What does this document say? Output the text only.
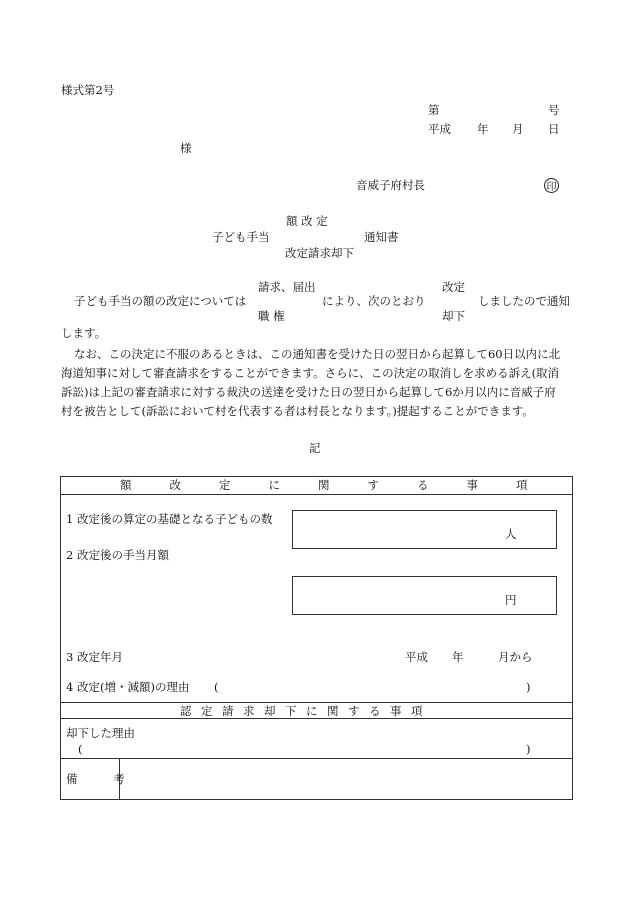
様式第2号
第	号
平成 年 月 日
様
音威子府村長	印
額 改 定
子ども手当	通知書
改定請求却下
請求、届出	改定
子ども手当の額の改定については	により、次のとおり	しましたので通知
職 権	却下
します。
なお、この決定に不服のあるときは、この通知書を受けた日の翌日から起算して60日以内に北
海道知事に対して審査請求をすることができます。さらに、この決定の取消しを求める訴え(取消
訴訟)は上記の審査請求に対する裁決の送達を受けた日の翌日から起算して6か月以内に音威子府
村を被告として(訴訟において村を代表する者は村長となります。)提起することができます。
記
額改定に関する事項
1 改定後の算定の基礎となる子どもの数
人
2 改定後の手当月額
円
3 改定年月	平成 年	月から
4 改定(増・減額)の理由 (	)
認定請求却下に関する事項
却下した理由
(	)
備 考
